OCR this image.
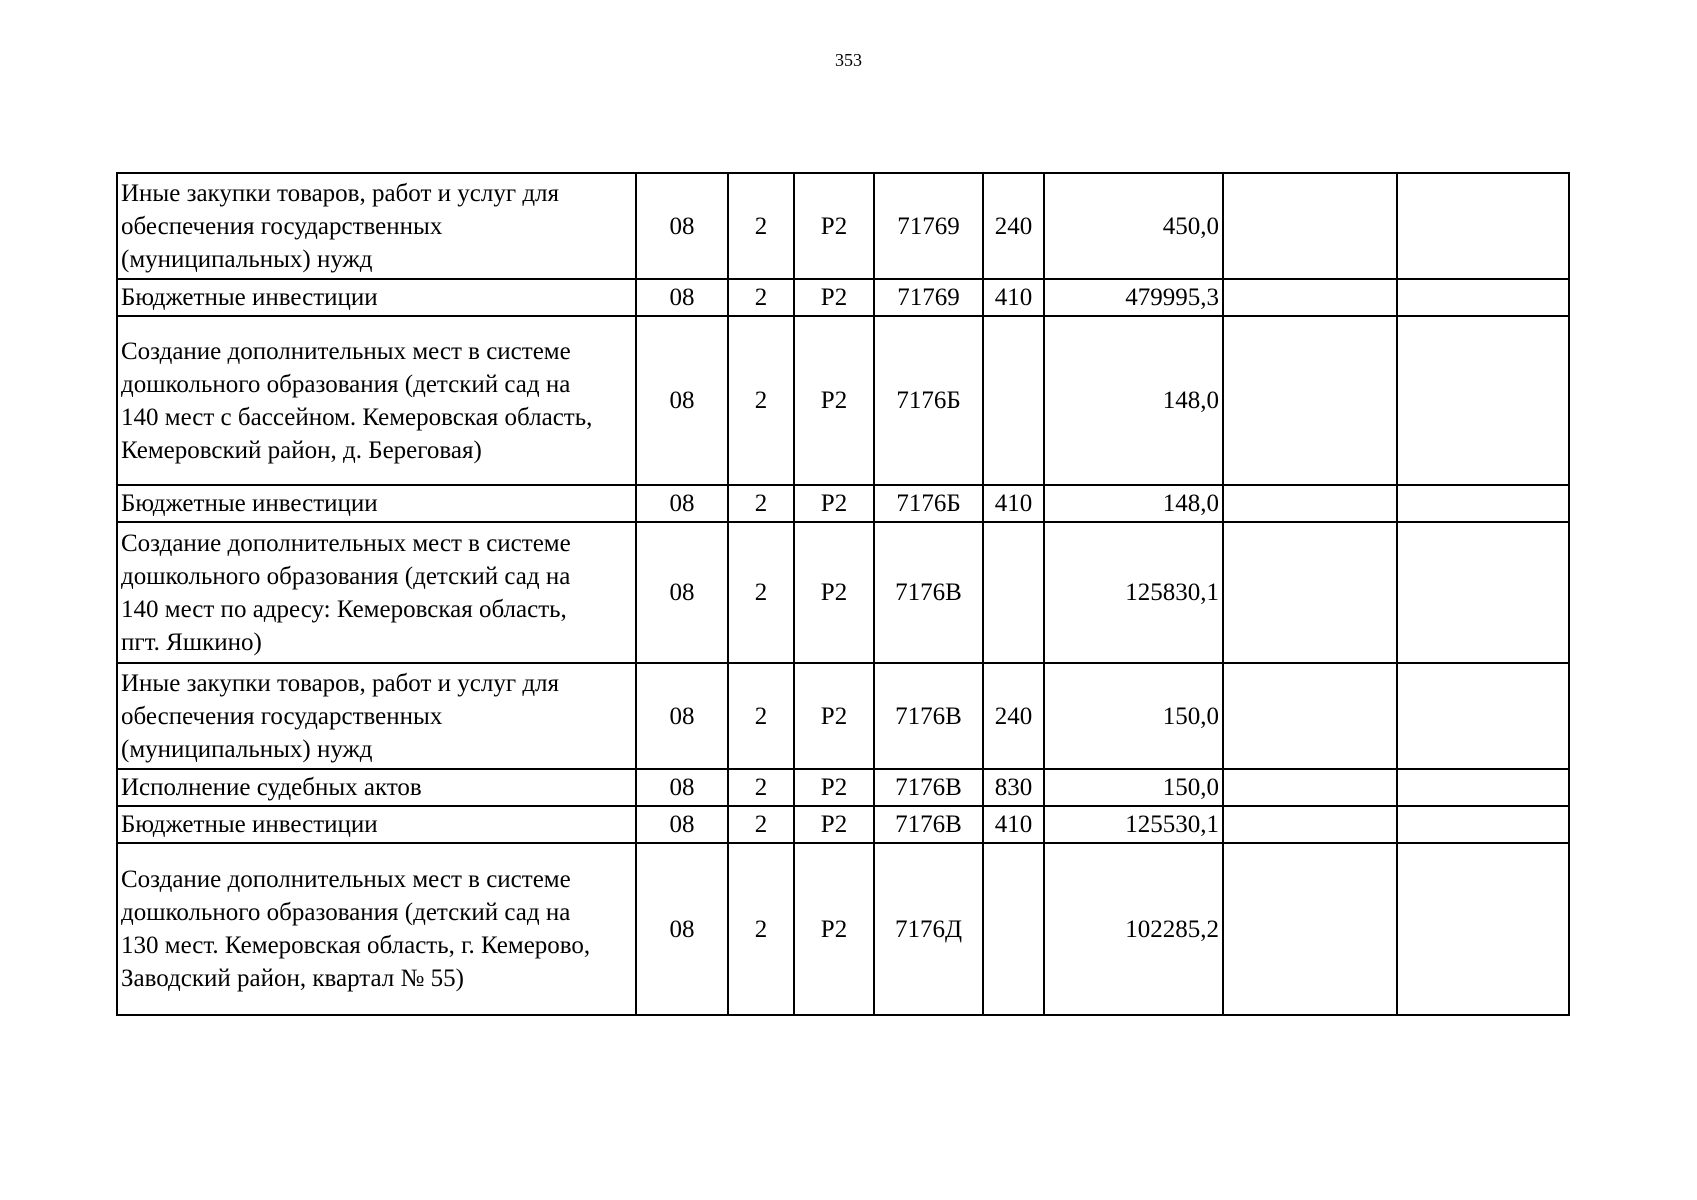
353
Иные закупки товаров, работ и услуг для
обеспечения государственных
(муниципальных) нужд	08	2	Р2	71769	240	450,0		

Бюджетные инвестиции	08	2	Р2	71769	410	479995,3		

Создание дополнительных мест в системе
дошкольного образования (детский сад на
140 мест с бассейном. Кемеровская область,
Кемеровский район, д. Береговая)	08	2	Р2	7176Б		148,0		

Бюджетные инвестиции	08	2	Р2	7176Б	410	148,0		

Создание дополнительных мест в системе
дошкольного образования (детский сад на
140 мест по адресу: Кемеровская область,
пгт. Яшкино)	08	2	Р2	7176В		125830,1		

Иные закупки товаров, работ и услуг для
обеспечения государственных
(муниципальных) нужд	08	2	Р2	7176В	240	150,0		

Исполнение судебных актов	08	2	Р2	7176В	830	150,0		

Бюджетные инвестиции	08	2	Р2	7176В	410	125530,1		

Создание дополнительных мест в системе
дошкольного образования (детский сад на
130 мест. Кемеровская область, г. Кемерово,
Заводский район, квартал № 55)	08	2	Р2	7176Д		102285,2		
